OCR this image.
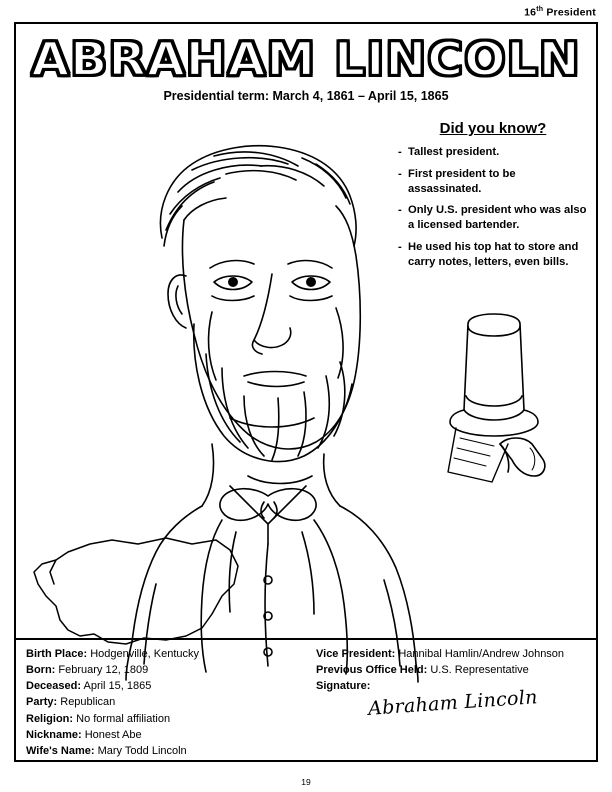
16th President
ABRAHAM LINCOLN
Presidential term: March 4, 1861 – April 15, 1865
Did you know?
- Tallest president.
- First president to be assassinated.
- Only U.S. president who was also a licensed bartender.
- He used his top hat to store and carry notes, letters, even bills.
Birth Place: Hodgenville, Kentucky
Born: February 12, 1809
Deceased: April 15, 1865
Party: Republican
Religion: No formal affiliation
Nickname: Honest Abe
Wife's Name: Mary Todd Lincoln
Vice President: Hannibal Hamlin/Andrew Johnson
Previous Office Held: U.S. Representative
Signature:
Abraham Lincoln
19
